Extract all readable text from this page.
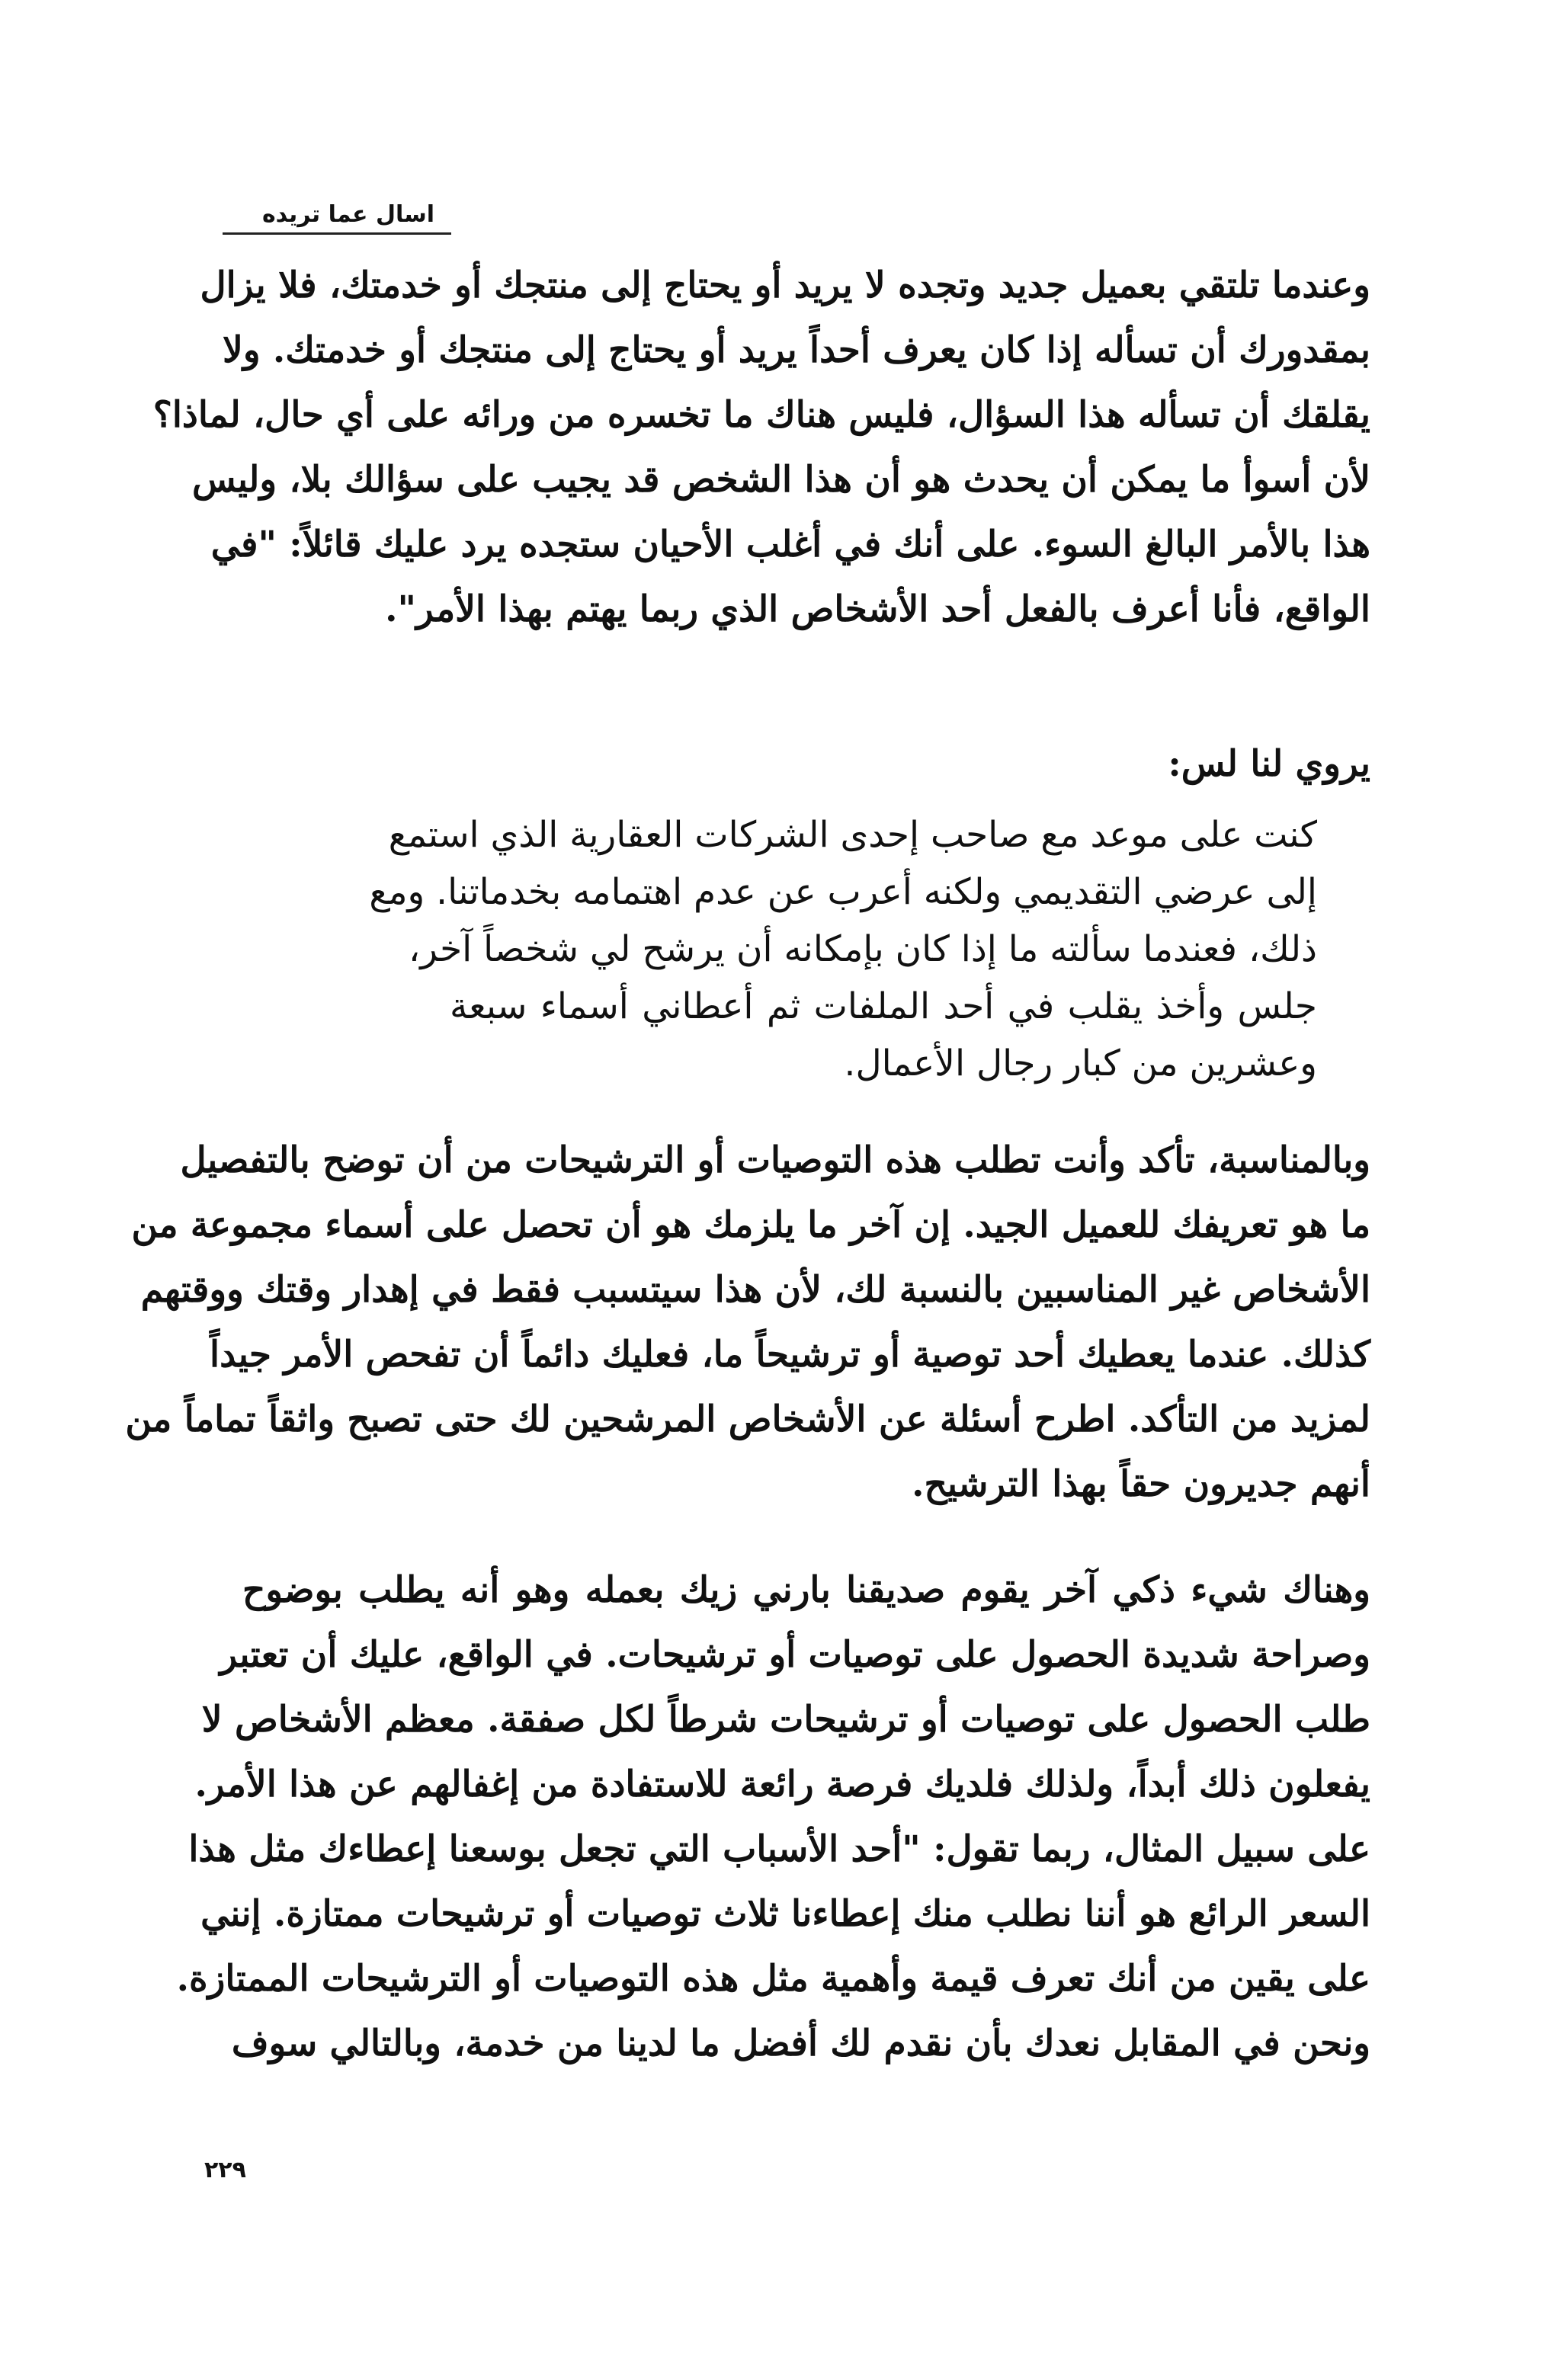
اسال عما تريده

وعندما تلتقي بعميل جديد وتجده لا يريد أو يحتاج إلى منتجك أو خدمتك، فلا يزال

بمقدورك أن تسأله إذا كان يعرف أحداً يريد أو يحتاج إلى منتجك أو خدمتك. ولا

يقلقك أن تسأله هذا السؤال، فليس هناك ما تخسره من ورائه على أي حال، لماذا؟

لأن أسوأ ما يمكن أن يحدث هو أن هذا الشخص قد يجيب على سؤالك بلا، وليس

هذا بالأمر البالغ السوء. على أنك في أغلب الأحيان ستجده يرد عليك قائلاً: "في

الواقع، فأنا أعرف بالفعل أحد الأشخاص الذي ربما يهتم بهذا الأمر".

يروي لنا لس:

كنت على موعد مع صاحب إحدى الشركات العقارية الذي استمع

إلى عرضي التقديمي ولكنه أعرب عن عدم اهتمامه بخدماتنا. ومع

ذلك، فعندما سألته ما إذا كان بإمكانه أن يرشح لي شخصاً آخر،

جلس وأخذ يقلب في أحد الملفات ثم أعطاني أسماء سبعة

وعشرين من كبار رجال الأعمال.

وبالمناسبة، تأكد وأنت تطلب هذه التوصيات أو الترشيحات من أن توضح بالتفصيل

ما هو تعريفك للعميل الجيد. إن آخر ما يلزمك هو أن تحصل على أسماء مجموعة من

الأشخاص غير المناسبين بالنسبة لك، لأن هذا سيتسبب فقط في إهدار وقتك ووقتهم

كذلك. عندما يعطيك أحد توصية أو ترشيحاً ما، فعليك دائماً أن تفحص الأمر جيداً

لمزيد من التأكد. اطرح أسئلة عن الأشخاص المرشحين لك حتى تصبح واثقاً تماماً من

أنهم جديرون حقاً بهذا الترشيح.

وهناك شيء ذكي آخر يقوم صديقنا بارني زيك بعمله وهو أنه يطلب بوضوح

وصراحة شديدة الحصول على توصيات أو ترشيحات. في الواقع، عليك أن تعتبر

طلب الحصول على توصيات أو ترشيحات شرطاً لكل صفقة. معظم الأشخاص لا

يفعلون ذلك أبداً، ولذلك فلديك فرصة رائعة للاستفادة من إغفالهم عن هذا الأمر.

على سبيل المثال، ربما تقول: "أحد الأسباب التي تجعل بوسعنا إعطاءك مثل هذا

السعر الرائع هو أننا نطلب منك إعطاءنا ثلاث توصيات أو ترشيحات ممتازة. إنني

على يقين من أنك تعرف قيمة وأهمية مثل هذه التوصيات أو الترشيحات الممتازة.

ونحن في المقابل نعدك بأن نقدم لك أفضل ما لدينا من خدمة، وبالتالي سوف

٢٢٩
